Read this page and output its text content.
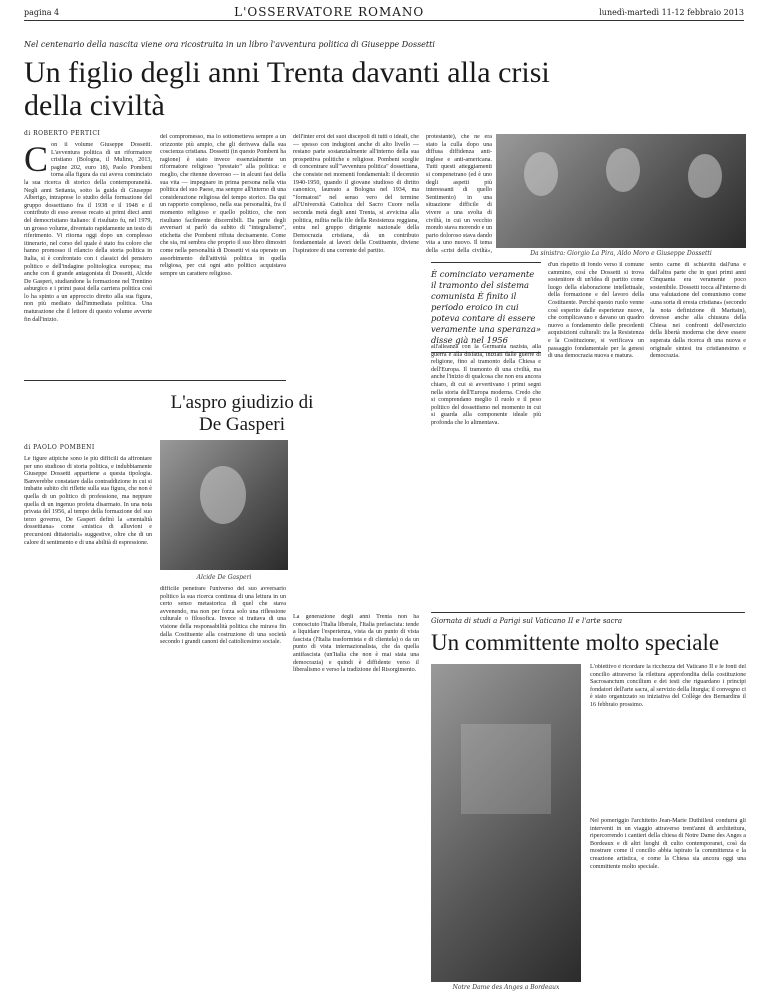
pagina 4	L'OSSERVATORE ROMANO	lunedì-martedì 11-12 febbraio 2013
Nel centenario della nascita viene ora ricostruita in un libro l'avventura politica di Giuseppe Dossetti
Un figlio degli anni Trenta davanti alla crisi della civiltà
di ROBERTO PERTICI
Con il volume Giuseppe Dossetti. L'avventura politica di un riformatore cristiano (Bologna, il Mulino, 2013, pagine 202, euro 18), Paolo Pombeni torna alla figura da cui aveva cominciato la sua ricerca di storico della contemporaneità. Negli anni Settanta, sotto la guida di Giuseppe Alberigo, intraprese lo studio della formazione del gruppo dossettiano fra il 1938 e il 1948 e il contributo di esso avesse recato ai primi dieci anni del democristiano italiano: il risultato fu, nel 1979, un grosso volume, diventato rapidamente un testo di riferimento. Vi ritorna oggi dopo un complesso itinerario, nel corso del quale è stato fra coloro che hanno promosso il rilancio della storia politica in Italia, si è confrontato con i classici del pensiero politico e dell'indagine politologica europea; ma anche con il grande antagonista di Dossetti, Alcide De Gasperi, studiandone la formazione nel Trentino asburgico e i primi passi della carriera politica così lo ha spinto a un approccio diretto alla sua figura, non più mediato dall'immediata politica. Una maturazione che il lettore di questo volume avverte fin dall'inizio.
del compromesso, ma lo sottometteva sempre a un orizzonte più ampio, che gli derivava dalla sua coscienza cristiana. Dossetti (in questo Pombeni ha ragione) è stato invece essenzialmente un riformatore religioso "prestato" alla politica: e meglio, che ritenne doveroso — in alcuni fasi della sua vita — impegnare in prima persona nella vita politica del suo Paese, ma sempre all'interno di una considerazione religiosa del tempo storico. Da qui un rapporto complesso, nella sua personalità, fra il momento religioso e quello politico, che non risultano facilmente discernibili. Da parte degli avversari si parlò da subito di "integralismo", etichetta che Pombeni rifiuta decisamente. Come che sia, mi sembra che proprio il suo libro dimostri come nella personalità di Dossetti vi sia operato un assorbimento dell'attività politica in quella religiosa, per cui ogni atto politico acquistava sempre un carattere religioso.
dell'inter eroi dei suoi discepoli di tutti o ideali, che — spesso con indugioni anche di alto livello — restano parte sostanzialmente all'interno della sua prospettiva politiche e religiose. Pombeni sceglie di concentrare sull'"avventura politica" dossettiana, che consiste nei momenti fondamentali: il decennio 1940-1950, quando il giovane studioso di diritto canonico, laureato a Bologna nel 1934, ma "formatosi" nel senso vero del termine all'Università Cattolica del Sacro Cuore nella seconda metà degli anni Trenta, si avvicina alla politica, milita nella file della Resistenza reggiana, entra nel gruppo dirigente nazionale della Democrazia cristiana, dà un contributo fondamentale ai lavori della Costituente, diviene l'ispiratore di una corrente del partito.
protestante), che ne era stato la culla dopo una diffusa diffidenza anti-inglese e anti-americana. Tutti questi atteggiamenti si compenetrano (ed è uno degli aspetti più interessanti di quello Sentimento) in una situazione difficile di vivere a una svolta di civiltà, in cui un vecchio mondo stava morendo e un parto doloroso stava dando vita a uno nuovo. Il tema della «crisi della civiltà»,	Da sinistra: Giorgio La Pira, Aldo Moro e Giuseppe Dossetti
È cominciato veramente il tramonto del sistema comunista È finito il periodo eroico in cui poteva contare di essere veramente una speranza» disse già nel 1956
all'alleanza con la Germania nazista, alla guerra e alla disfatta, iniziati dalle guerre di religione, fino al tramonto della Chiesa e dell'Europa. Il tramonto di una civiltà, ma anche l'inizio di qualcosa che non era ancora chiaro, di cui si avvertivano i primi segni nella storia dell'Europa moderna. Credo che si comprendano meglio il ruolo e il peso politico del dossettismo nel momento in cui si guarda alla componente ideale più profonda che lo alimentava.
d'un rispetto di fondo verso il comune cammino, così che Dossetti si trova sostenitore di un'idea di partito come luogo della elaborazione intellettuale, della formazione e del lavoro della Costituente. Perché questo ruolo venne così esperito dalle esperienze nuove, che complicavano e davano un quadro nuovo a fondamento delle precedenti acquisizioni culturali: tra la Resistenza e la Costituzione, si verificava un passaggio fondamentale per la genesi di una democrazia nuova e matura.
sento carne di schiavitù dall'una e dall'altra parte che in quei primi anni Cinquanta era veramente poco sostenibile. Dossetti tocca all'interno di una valutazione del comunismo come «una sorta di eresia cristiana» (secondo la nota definizione di Maritain), dovesse anche alla chiusura della Chiesa nei confronti dell'esercizio della libertà moderna che deve essere superata dalla ricerca di una nuova e originale sintesi tra cristianesimo e democrazia.
L'aspro giudizio di De Gasperi
di PAOLO POMBENI
Le figure atipiche sono le più difficili da affrontare per uno studioso di storia politica, e indubbiamente Giuseppe Dossetti appartiene a questa tipologia. Banverebbe constatare dalla contraddizione in cui si imbatte subito chi riflette sulla sua figura, che non è quella di un politico di professione, ma neppure quella di un ingenuo profeta disarmato. In una nota privata del 1956, al tempo della formazione del suo terzo governo, De Gasperi definì la «mentalità dossettiana» come «mistica di alluvioni e precursioni dittatoriali» suggestive, oltre che di un calore di sentimento e di una abilità di espressione.
Alcide De Gasperi
difficile penetrare l'universo del suo avversario politico la sua ricerca continua di una lettura in un certo senso metastorica di quel che stava avvenendo, ma non per forza solo una riflessione culturale o filosofica. Invece si trattava di una visione della responsabilità politica che mirava fin dalla Costituente alla costruzione di una società secondo i grandi canoni del cattolicesimo sociale.
La generazione degli anni Trenta non ha conosciuto l'Italia liberale, l'Italia prefascista: tende a liquidare l'esperienza, vista da un punto di vista fascista (l'Italia trasformista e di clientela) o da un punto di vista internazionalista, che da quella antifascista (un'Italia che non è mai stata una democrazia) e quindi è diffidente verso il liberalismo e verso la tradizione del Risorgimento.
Giornata di studi a Parigi sul Vaticano II e l'arte sacra
Un committente molto speciale
Notre Dame des Anges a Bordeaux
L'obiettivo è ricordare la ricchezza del Vaticano II e le fonti del concilio attraverso la rilettura approfondita della costituzione Sacrosanctum concilium e dei testi che riguardano i principi fondatori dell'arte sacra, al servizio della liturgia; il convegno ci è stato organizzato su iniziativa del Collège des Bernardins il 16 febbraio prossimo.
Nel pomeriggio l'architetto Jean-Marie Duthilleul condurrà gli interventi in un viaggio attraverso trent'anni di architettura, ripercorrendo i cantieri della chiesa di Notre Dame des Anges a Bordeaux e di altri luoghi di culto contemporanei, così da mostrare come il concilio abbia ispirato la committenza e la creazione artistica, e come la Chiesa sia ancora oggi una committente molto speciale.
